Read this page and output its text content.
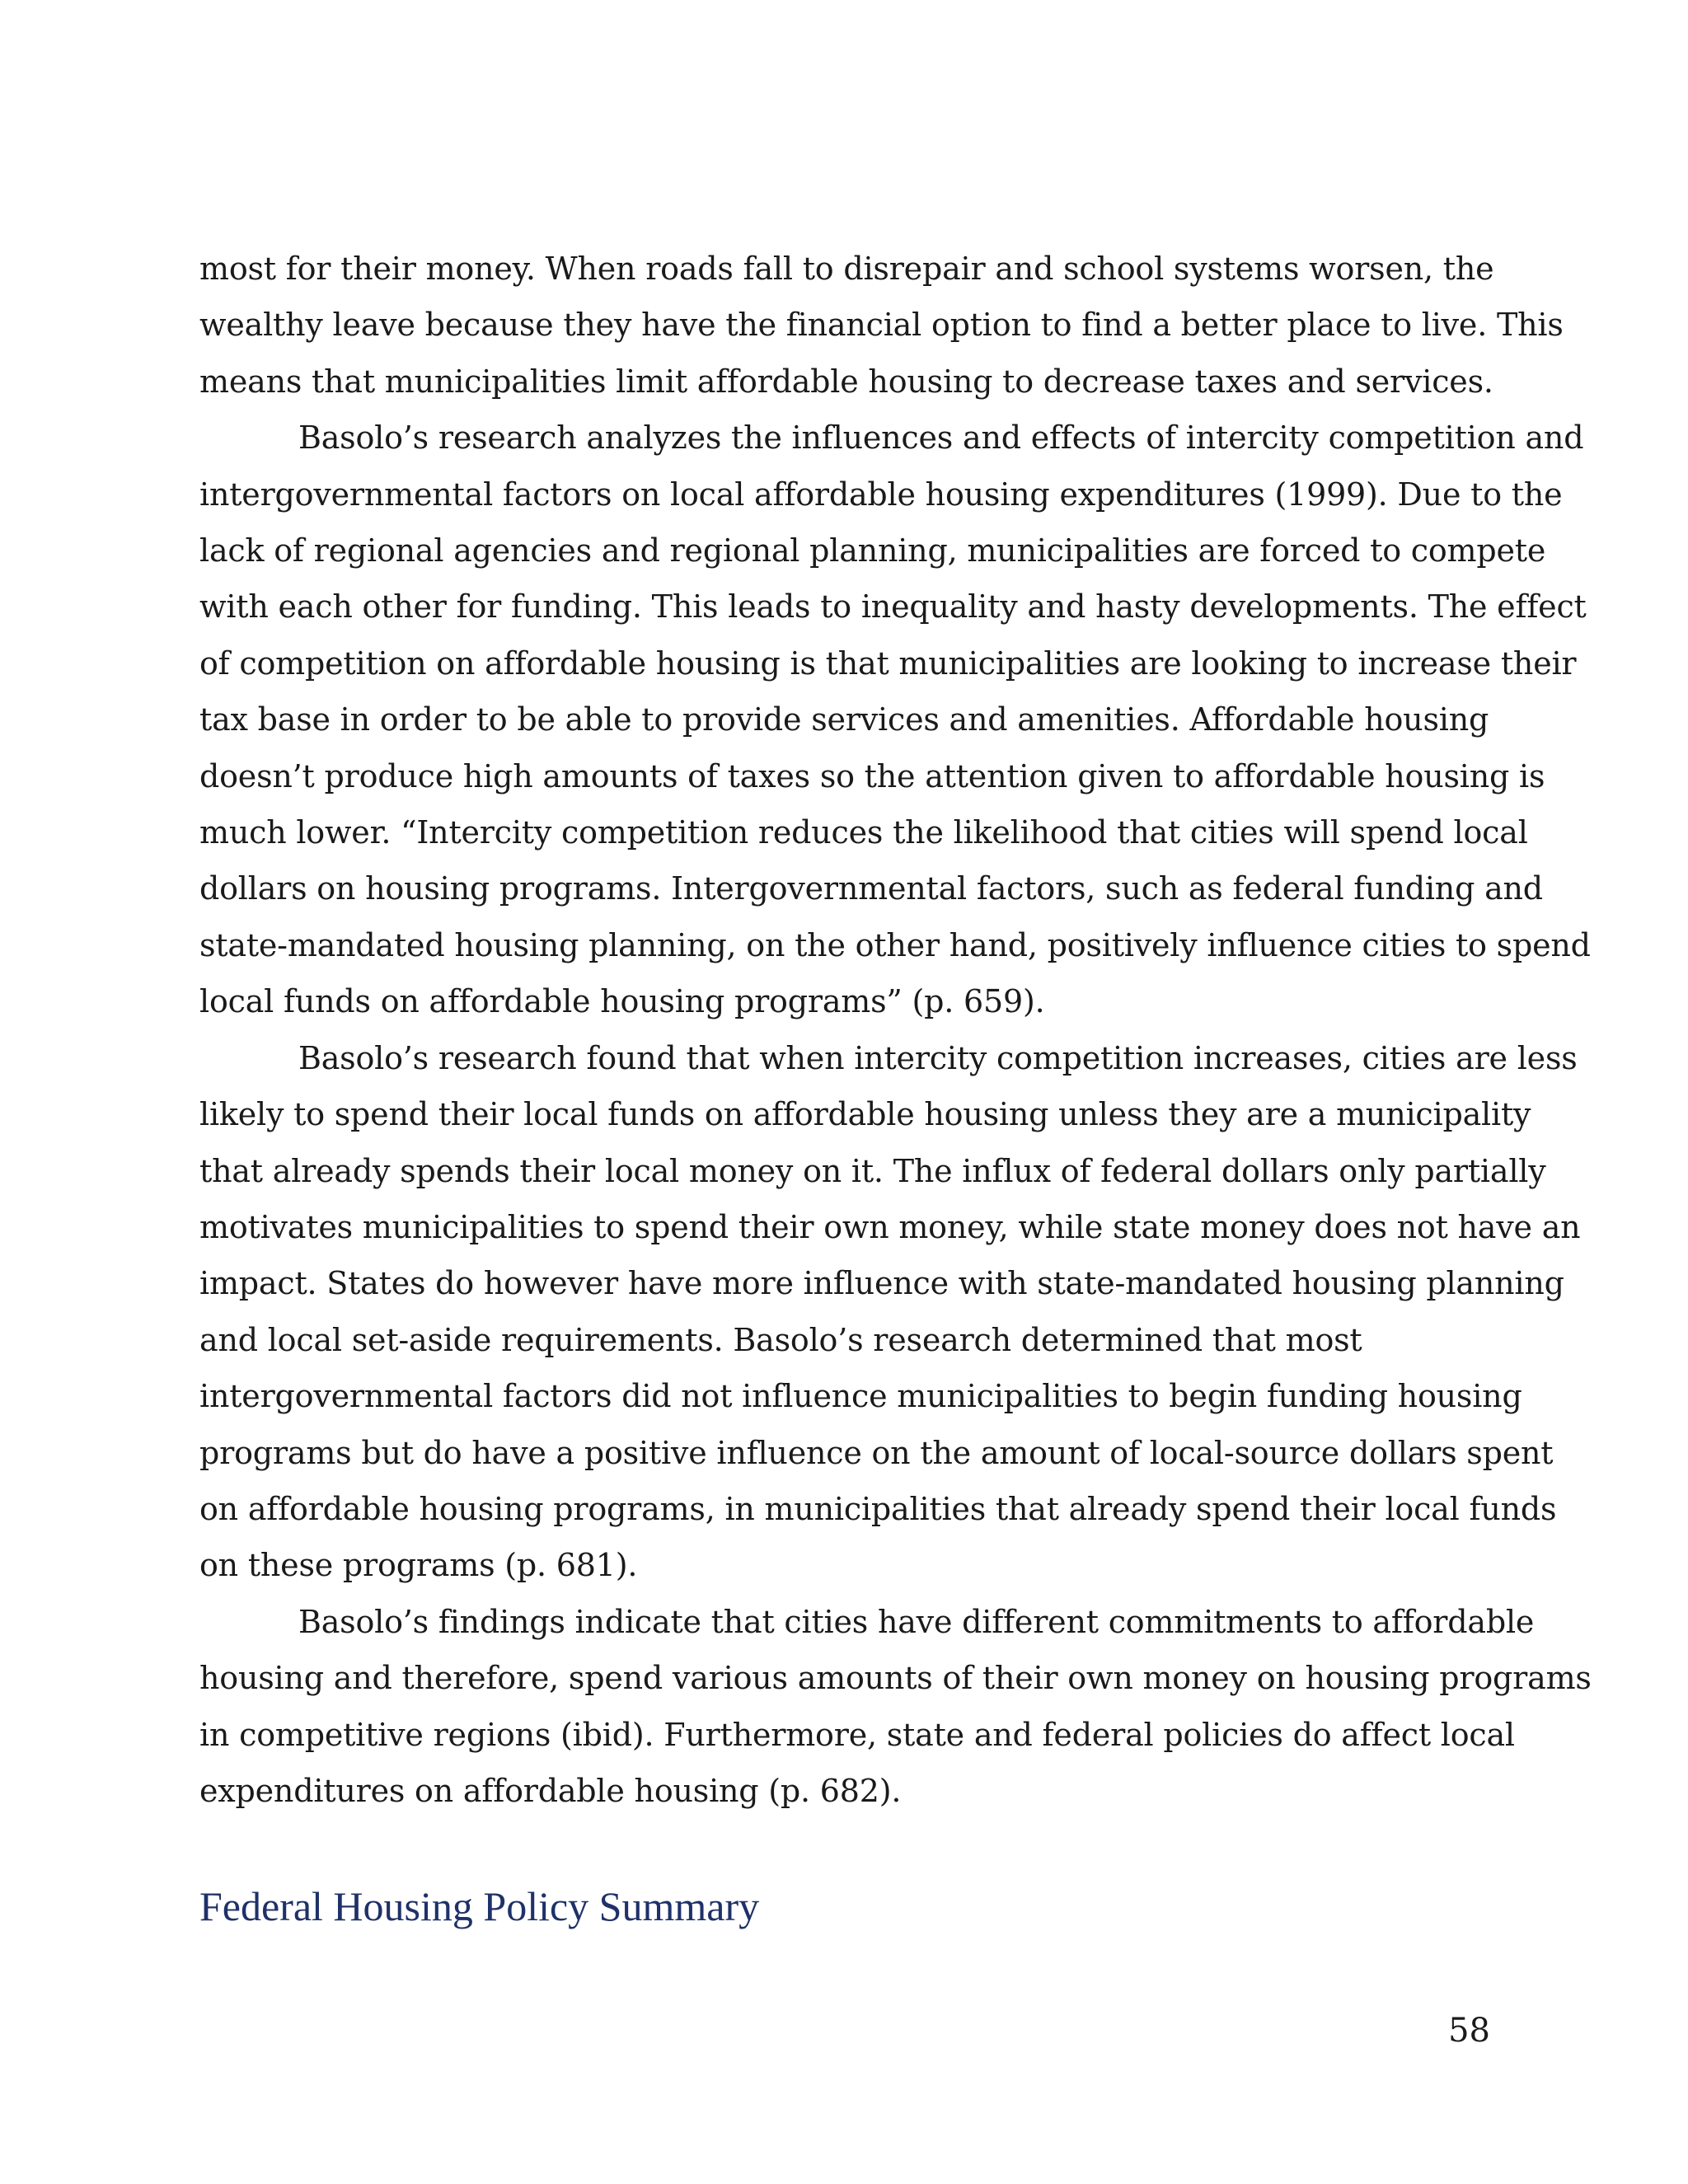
most for their money. When roads fall to disrepair and school systems worsen, the
wealthy leave because they have the financial option to find a better place to live. This
means that municipalities limit affordable housing to decrease taxes and services.

Basolo’s research analyzes the influences and effects of intercity competition and
intergovernmental factors on local affordable housing expenditures (1999). Due to the
lack of regional agencies and regional planning, municipalities are forced to compete
with each other for funding. This leads to inequality and hasty developments. The effect
of competition on affordable housing is that municipalities are looking to increase their
tax base in order to be able to provide services and amenities. Affordable housing
doesn’t produce high amounts of taxes so the attention given to affordable housing is
much lower. “Intercity competition reduces the likelihood that cities will spend local
dollars on housing programs. Intergovernmental factors, such as federal funding and
state-mandated housing planning, on the other hand, positively influence cities to spend
local funds on affordable housing programs” (p. 659).

Basolo’s research found that when intercity competition increases, cities are less
likely to spend their local funds on affordable housing unless they are a municipality
that already spends their local money on it. The influx of federal dollars only partially
motivates municipalities to spend their own money, while state money does not have an
impact. States do however have more influence with state-mandated housing planning
and local set-aside requirements. Basolo’s research determined that most
intergovernmental factors did not influence municipalities to begin funding housing
programs but do have a positive influence on the amount of local-source dollars spent
on affordable housing programs, in municipalities that already spend their local funds
on these programs (p. 681).

Basolo’s findings indicate that cities have different commitments to affordable
housing and therefore, spend various amounts of their own money on housing programs
in competitive regions (ibid). Furthermore, state and federal policies do affect local
expenditures on affordable housing (p. 682).

Federal Housing Policy Summary
58
